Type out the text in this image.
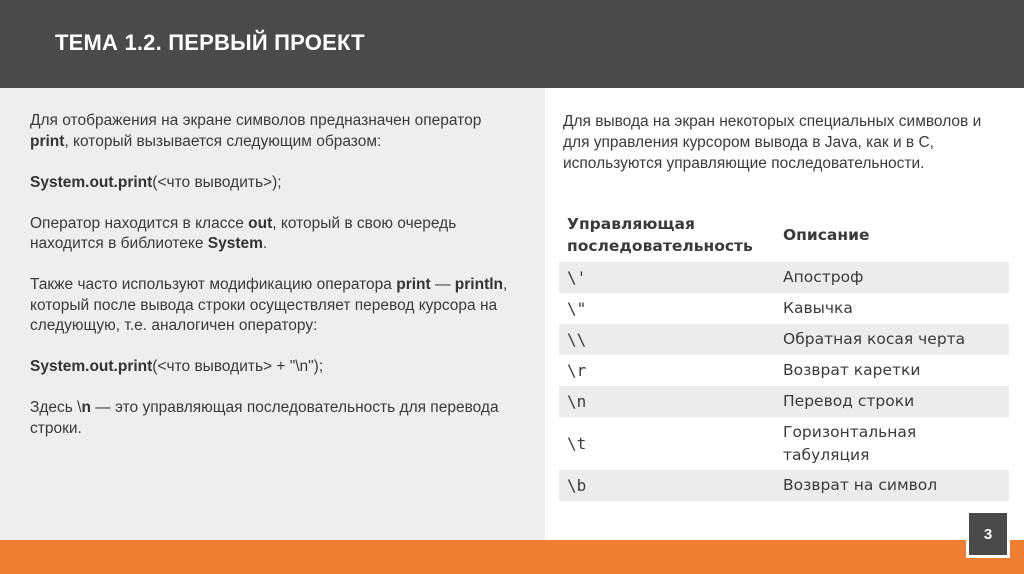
ТЕМА 1.2. ПЕРВЫЙ ПРОЕКТ

Для отображения на экране символов предназначен оператор print, который вызывается следующим образом:

System.out.print(<что выводить>);

Оператор находится в классе out, который в свою очередь находится в библиотеке System.

Также часто используют модификацию оператора print — println, который после вывода строки осуществляет перевод курсора на следующую, т.е. аналогичен оператору:

System.out.print(<что выводить> + "\n");

Здесь \n — это управляющая последовательность для перевода строки.

Для вывода на экран некоторых специальных символов и для управления курсором вывода в Java, как и в С, используются управляющие последовательности.
Управляющая
последовательность	Описание
\'	Апостроф
\"	Кавычка
\\	Обратная косая черта
\r	Возврат каретки
\n	Перевод строки
\t	Горизонтальная
табуляция
\b	Возврат на символ
3
